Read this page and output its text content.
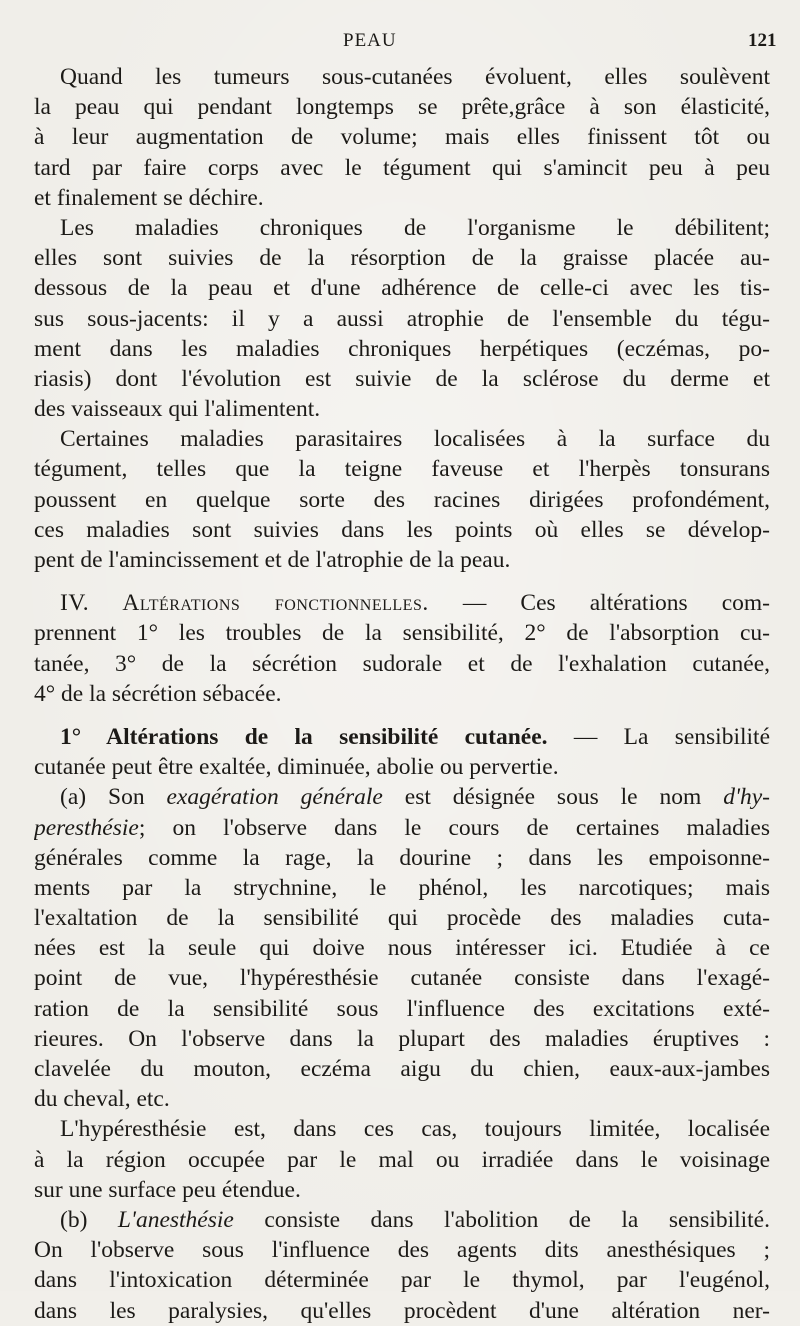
PEAU	121
Quand les tumeurs sous-cutanées évoluent, elles soulèvent
la peau qui pendant longtemps se prête,grâce à son élasticité,
à leur augmentation de volume; mais elles finissent tôt ou
tard par faire corps avec le tégument qui s'amincit peu à peu
et finalement se déchire.
Les maladies chroniques de l'organisme le débilitent;
elles sont suivies de la résorption de la graisse placée au-
dessous de la peau et d'une adhérence de celle-ci avec les tis-
sus sous-jacents: il y a aussi atrophie de l'ensemble du tégu-
ment dans les maladies chroniques herpétiques (eczémas, po-
riasis) dont l'évolution est suivie de la sclérose du derme et
des vaisseaux qui l'alimentent.
Certaines maladies parasitaires localisées à la surface du
tégument, telles que la teigne faveuse et l'herpès tonsurans
poussent en quelque sorte des racines dirigées profondément,
ces maladies sont suivies dans les points où elles se dévelop-
pent de l'amincissement et de l'atrophie de la peau.
IV. Altérations fonctionnelles. — Ces altérations com-
prennent 1° les troubles de la sensibilité, 2° de l'absorption cu-
tanée, 3° de la sécrétion sudorale et de l'exhalation cutanée,
4° de la sécrétion sébacée.
1° Altérations de la sensibilité cutanée. — La sensibilité
cutanée peut être exaltée, diminuée, abolie ou pervertie.
(a) Son exagération générale est désignée sous le nom d'hy-
peresthésie; on l'observe dans le cours de certaines maladies
générales comme la rage, la dourine ; dans les empoisonne-
ments par la strychnine, le phénol, les narcotiques; mais
l'exaltation de la sensibilité qui procède des maladies cuta-
nées est la seule qui doive nous intéresser ici. Etudiée à ce
point de vue, l'hypéresthésie cutanée consiste dans l'exagé-
ration de la sensibilité sous l'influence des excitations exté-
rieures. On l'observe dans la plupart des maladies éruptives :
clavelée du mouton, eczéma aigu du chien, eaux-aux-jambes
du cheval, etc.
L'hypéresthésie est, dans ces cas, toujours limitée, localisée
à la région occupée par le mal ou irradiée dans le voisinage
sur une surface peu étendue.
(b) L'anesthésie consiste dans l'abolition de la sensibilité.
On l'observe sous l'influence des agents dits anesthésiques ;
dans l'intoxication déterminée par le thymol, par l'eugénol,
dans les paralysies, qu'elles procèdent d'une altération ner-
